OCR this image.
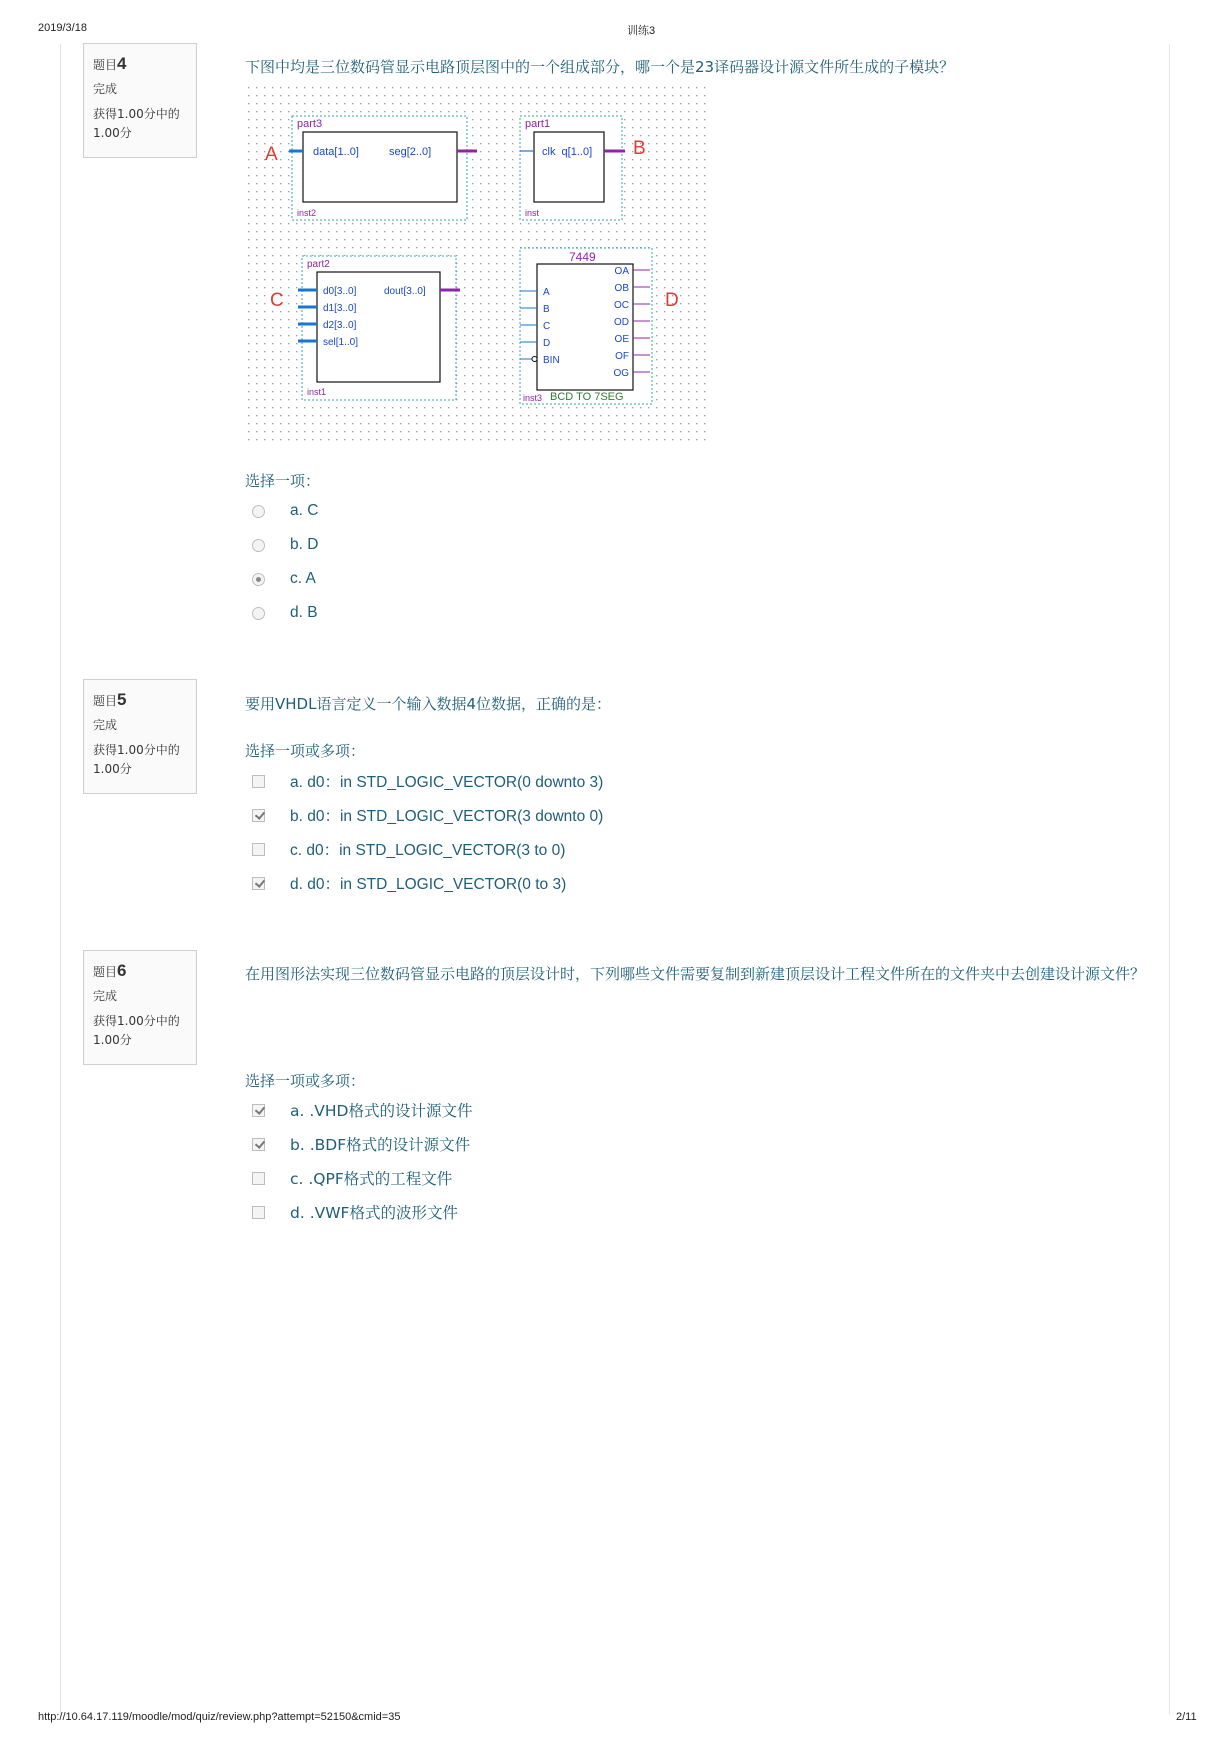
2019/3/18	训练3
题目4
完成
获得1.00分中的1.00分
下图中均是三位数码管显示电路顶层图中的一个组成部分，哪一个是23译码器设计源文件所生成的子模块？
part3
data[1..0]	seg[2..0]
inst2
A
part1
clk  q[1..0]
inst
B
part2
d0[3..0]
d1[3..0]
d2[3..0]
sel[1..0]
dout[3..0]
inst1
C
7449
A
B
C
D
BIN
OA
OB
OC
OD
OE
OF
OG
inst3 BCD TO 7SEG
D
选择一项：
a. C
b. D
c. A
d. B
题目5
完成
获得1.00分中的1.00分
要用VHDL语言定义一个输入数据4位数据，正确的是：
选择一项或多项：
a. d0：in STD_LOGIC_VECTOR(0 downto 3)
b. d0：in STD_LOGIC_VECTOR(3 downto 0)
c. d0：in STD_LOGIC_VECTOR(3 to 0)
d. d0：in STD_LOGIC_VECTOR(0 to 3)
题目6
完成
获得1.00分中的1.00分
在用图形法实现三位数码管显示电路的顶层设计时，下列哪些文件需要复制到新建顶层设计工程文件所在的文件夹中去创建设计源文件？
选择一项或多项：
a. .VHD格式的设计源文件
b. .BDF格式的设计源文件
c. .QPF格式的工程文件
d. .VWF格式的波形文件
http://10.64.17.119/moodle/mod/quiz/review.php?attempt=52150&cmid=35	2/11
